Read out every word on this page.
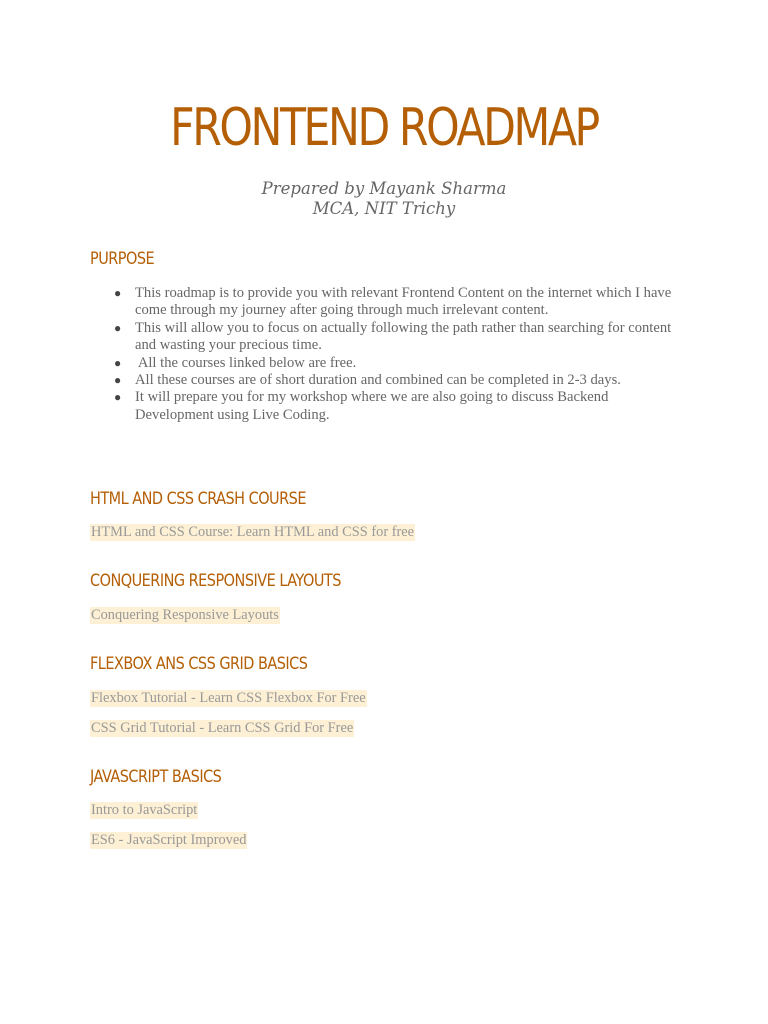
FRONTEND ROADMAP

Prepared by Mayank Sharma

MCA, NIT Trichy

PURPOSE
● This roadmap is to provide you with relevant Frontend Content on the internet which I have come through my journey after going through much irrelevant content.
● This will allow you to focus on actually following the path rather than searching for content and wasting your precious time.
● All the courses linked below are free.
● All these courses are of short duration and combined can be completed in 2-3 days.
● It will prepare you for my workshop where we are also going to discuss Backend Development using Live Coding.
HTML AND CSS CRASH COURSE
HTML and CSS Course: Learn HTML and CSS for free
CONQUERING RESPONSIVE LAYOUTS
Conquering Responsive Layouts
FLEXBOX ANS CSS GRID BASICS
Flexbox Tutorial - Learn CSS Flexbox For Free
CSS Grid Tutorial - Learn CSS Grid For Free
JAVASCRIPT BASICS
Intro to JavaScript
ES6 - JavaScript Improved
